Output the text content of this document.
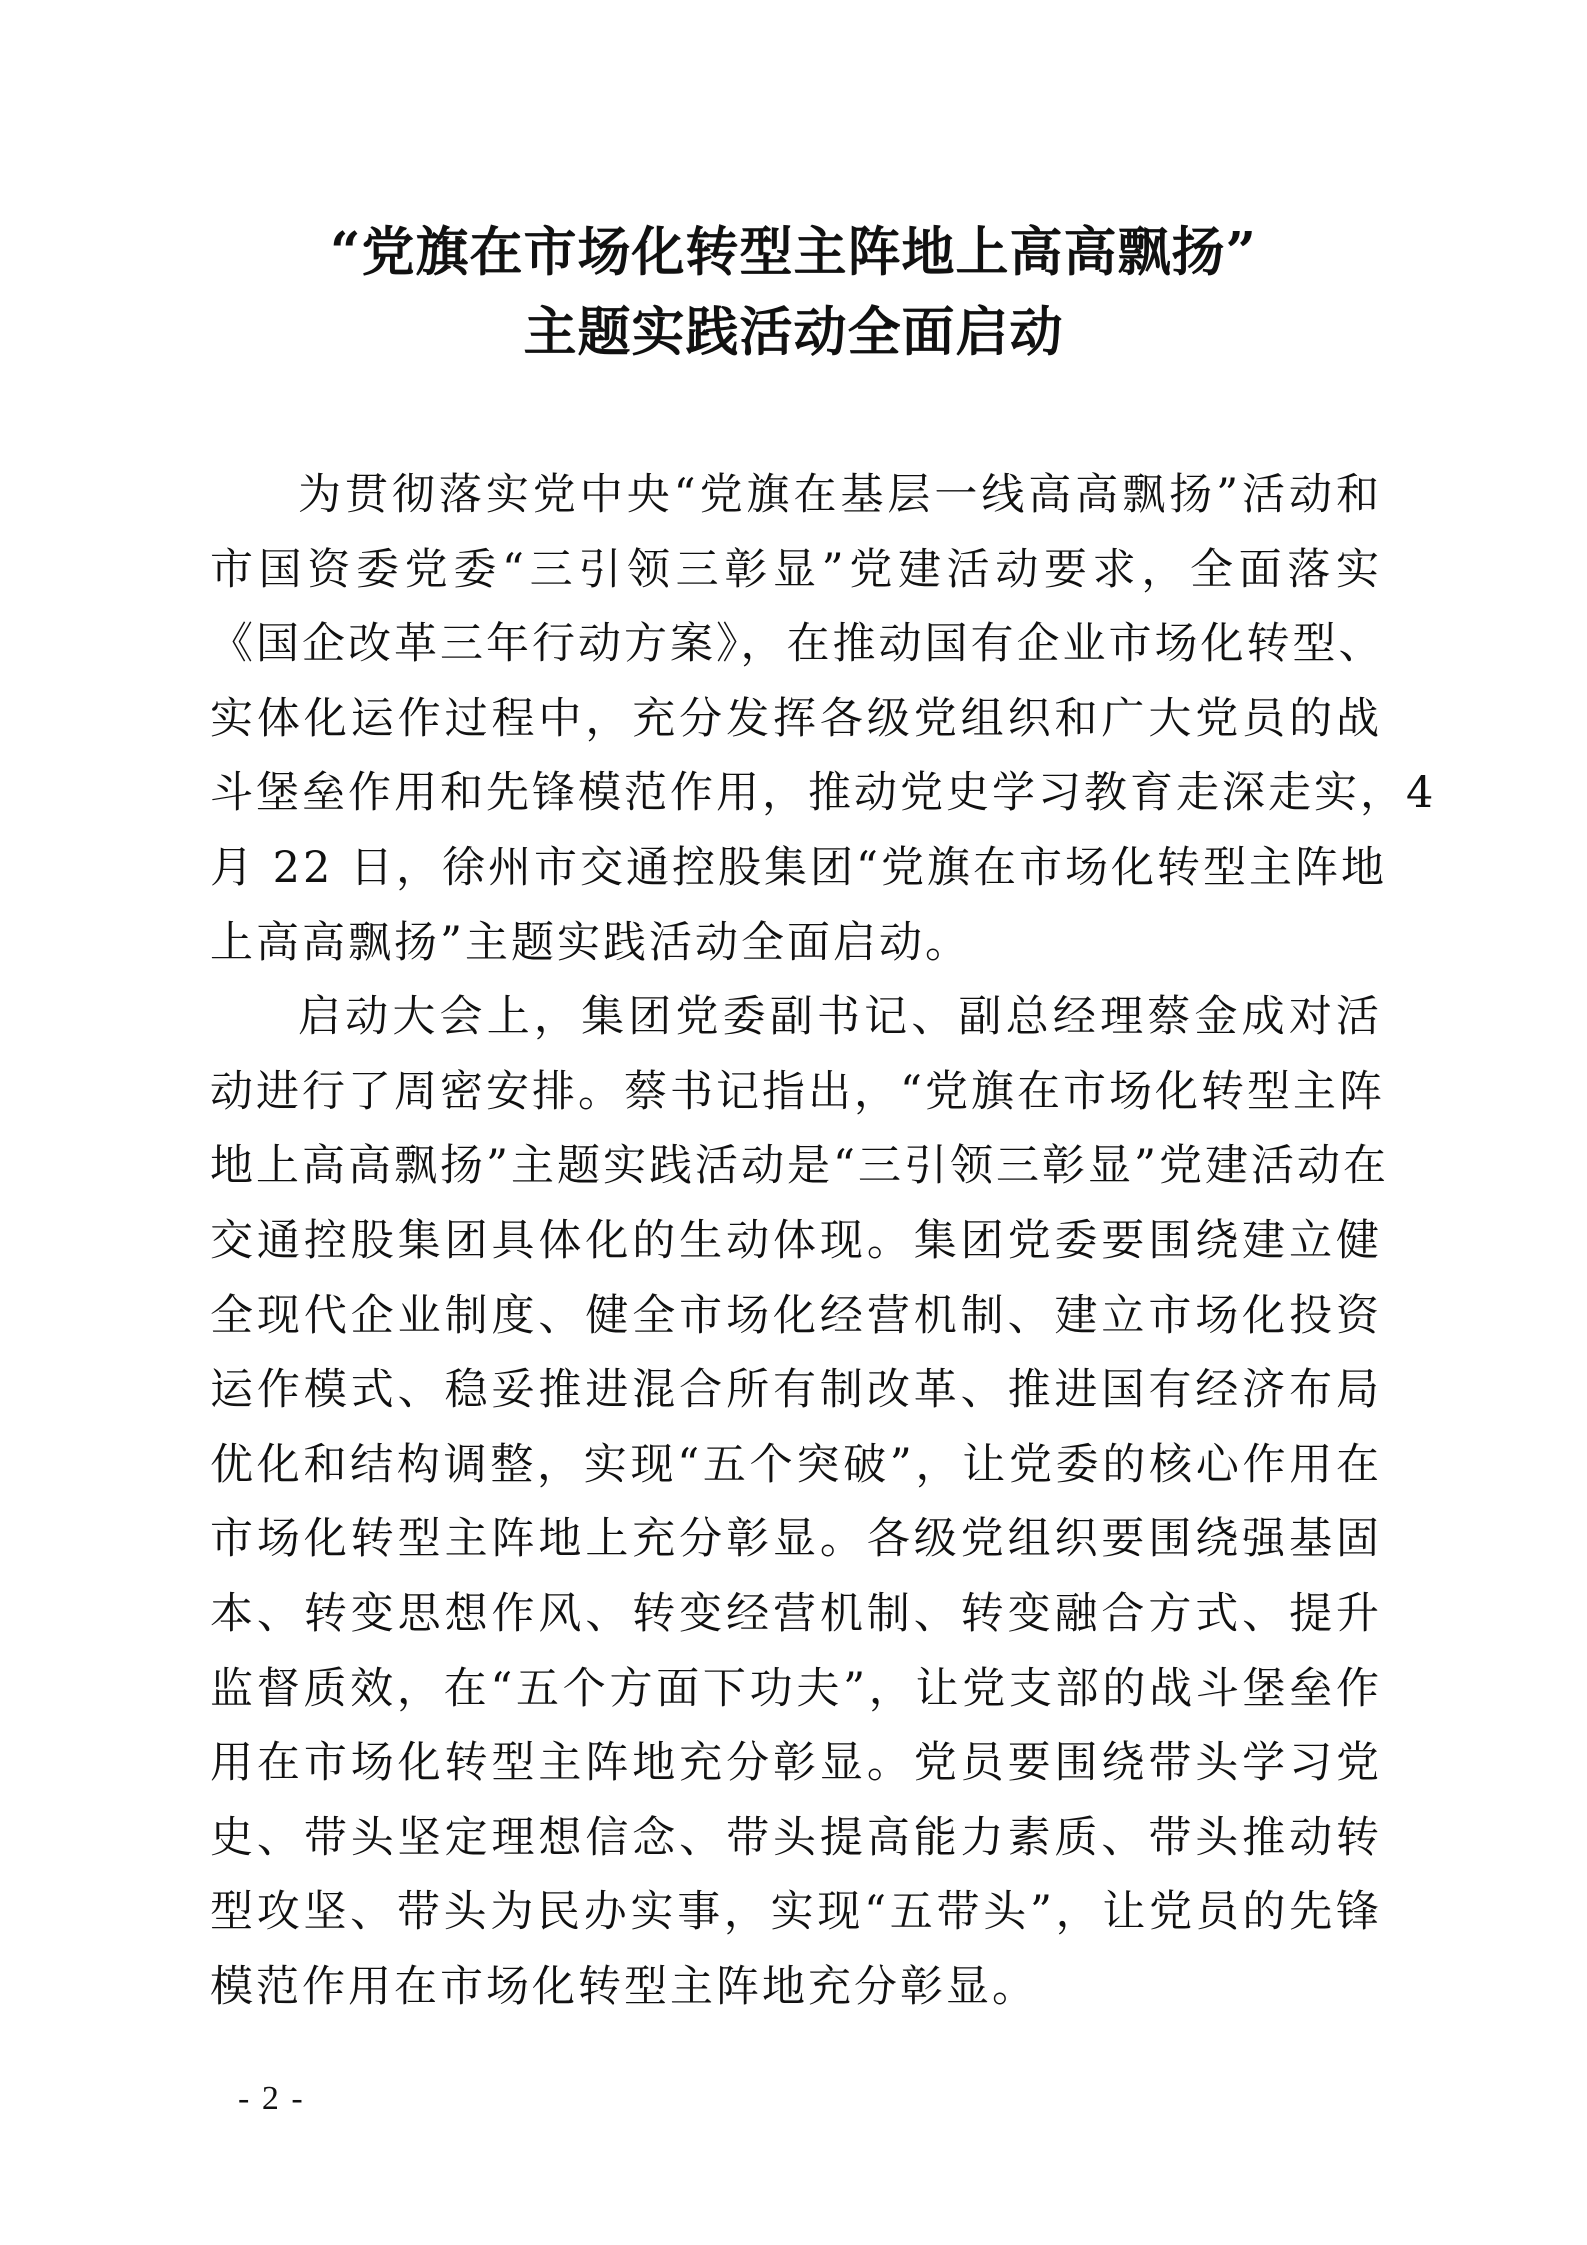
“党旗在市场化转型主阵地上高高飘扬”
主题实践活动全面启动
为贯彻落实党中央“党旗在基层一线高高飘扬”活动和
市国资委党委“三引领三彰显”党建活动要求，全面落实
《国企改革三年行动方案》，在推动国有企业市场化转型、
实体化运作过程中，充分发挥各级党组织和广大党员的战
斗堡垒作用和先锋模范作用，推动党史学习教育走深走实，4
月 22 日，徐州市交通控股集团“党旗在市场化转型主阵地
上高高飘扬”主题实践活动全面启动。
启动大会上，集团党委副书记、副总经理蔡金成对活
动进行了周密安排。蔡书记指出，“党旗在市场化转型主阵
地上高高飘扬”主题实践活动是“三引领三彰显”党建活动在
交通控股集团具体化的生动体现。集团党委要围绕建立健
全现代企业制度、健全市场化经营机制、建立市场化投资
运作模式、稳妥推进混合所有制改革、推进国有经济布局
优化和结构调整，实现“五个突破”，让党委的核心作用在
市场化转型主阵地上充分彰显。各级党组织要围绕强基固
本、转变思想作风、转变经营机制、转变融合方式、提升
监督质效，在“五个方面下功夫”，让党支部的战斗堡垒作
用在市场化转型主阵地充分彰显。党员要围绕带头学习党
史、带头坚定理想信念、带头提高能力素质、带头推动转
型攻坚、带头为民办实事，实现“五带头”，让党员的先锋
模范作用在市场化转型主阵地充分彰显。
- 2 -
